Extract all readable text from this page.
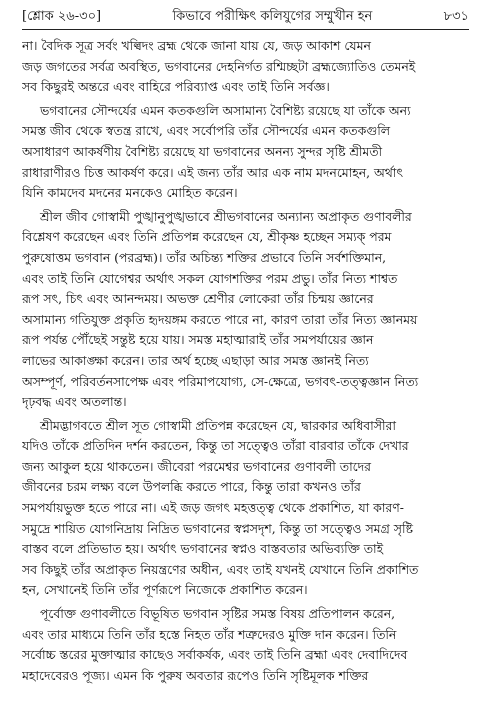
[শ্লোক ২৬-৩০]	কিভাবে পরীক্ষিৎ কলিযুগের সম্মুখীন হন	৮৩১
না। বৈদিক সূত্র সর্বং খল্বিদং ব্রহ্ম থেকে জানা যায় যে, জড় আকাশ যেমন
জড় জগতের সর্বত্র অবস্থিত, ভগবানের দেহনির্গত রশ্মিচ্ছটা ব্রহ্মজ্যোতিও তেমনই
সব কিছুরই অন্তরে এবং বাহিরে পরিব্যাপ্ত এবং তাই তিনি সর্বজ্ঞ।
ভগবানের সৌন্দর্যের এমন কতকগুলি অসামান্য বৈশিষ্ট্য রয়েছে যা তাঁকে অন্য
সমস্ত জীব থেকে স্বতন্ত্র রাখে, এবং সর্বোপরি তাঁর সৌন্দর্যের এমন কতকগুলি
অসাধারণ আকর্ষণীয় বৈশিষ্ট্য রয়েছে যা ভগবানের অনন্য সুন্দর সৃষ্টি শ্রীমতী
রাধারাণীরও চিত্ত আকর্ষণ করে। এই জন্য তাঁর আর এক নাম মদনমোহন, অর্থাৎ
যিনি কামদেব মদনের মনকেও মোহিত করেন।
শ্রীল জীব গোস্বামী পুঙ্খানুপুঙ্খভাবে শ্রীভগবানের অন্যান্য অপ্রাকৃত গুণাবলীর
বিশ্লেষণ করেছেন এবং তিনি প্রতিপন্ন করেছেন যে, শ্রীকৃষ্ণ হচ্ছেন সম্যক্‌ পরম
পুরুষোত্তম ভগবান (পরব্রহ্ম)। তাঁর অচিন্ত্য শক্তির প্রভাবে তিনি সর্বশক্তিমান,
এবং তাই তিনি যোগেশ্বর অর্থাৎ সকল যোগশক্তির পরম প্রভু। তাঁর নিত্য শাশ্বত
রূপ সৎ, চিৎ এবং আনন্দময়। অভক্ত শ্রেণীর লোকেরা তাঁর চিন্ময় জ্ঞানের
অসামান্য গতিযুক্ত প্রকৃতি হৃদয়ঙ্গম করতে পারে না, কারণ তারা তাঁর নিত্য জ্ঞানময়
রূপ পর্যন্ত পৌঁছেই সন্তুষ্ট হয়ে যায়। সমস্ত মহাত্মারাই তাঁর সমপর্যায়ের জ্ঞান
লাভের আকাঙ্ক্ষা করেন। তার অর্থ হচ্ছে এছাড়া আর সমস্ত জ্ঞানই নিত্য
অসম্পূর্ণ, পরিবর্তনসাপেক্ষ এবং পরিমাপযোগ্য, সে-ক্ষেত্রে, ভগবৎ-তত্ত্বজ্ঞান নিত্য
দৃঢ়বদ্ধ এবং অতলান্ত।
শ্রীমদ্ভাগবতে শ্রীল সূত গোস্বামী প্রতিপন্ন করেছেন যে, দ্বারকার অধিবাসীরা
যদিও তাঁকে প্রতিদিন দর্শন করতেন, কিন্তু তা সত্ত্বেও তাঁরা বারবার তাঁকে দেখার
জন্য আকুল হয়ে থাকতেন। জীবেরা পরমেশ্বর ভগবানের গুণাবলী তাদের
জীবনের চরম লক্ষ্য বলে উপলব্ধি করতে পারে, কিন্তু তারা কখনও তাঁর
সমপর্যায়ভুক্ত হতে পারে না। এই জড় জগৎ মহত্তত্ত্ব থেকে প্রকাশিত, যা কারণ-
সমুদ্রে শায়িত যোগনিদ্রায় নিদ্রিত ভগবানের স্বপ্নসদৃশ, কিন্তু তা সত্ত্বেও সমগ্র সৃষ্টি
বাস্তব বলে প্রতিভাত হয়। অর্থাৎ ভগবানের স্বপ্নও বাস্তবতার অভিব্যক্তি তাই
সব কিছুই তাঁর অপ্রাকৃত নিয়ন্ত্রণের অধীন, এবং তাই যখনই যেখানে তিনি প্রকাশিত
হন, সেখানেই তিনি তাঁর পূর্ণরূপে নিজেকে প্রকাশিত করেন।
পূর্বোক্ত গুণাবলীতে বিভূষিত ভগবান সৃষ্টির সমস্ত বিষয় প্রতিপালন করেন,
এবং তার মাধ্যমে তিনি তাঁর হস্তে নিহত তাঁর শত্রুদেরও মুক্তি দান করেন। তিনি
সর্বোচ্চ স্তরের মুক্তাত্মার কাছেও সর্বাকর্ষক, এবং তাই তিনি ব্রহ্মা এবং দেবাদিদেব
মহাদেবেরও পূজ্য। এমন কি পুরুষ অবতার রূপেও তিনি সৃষ্টিমূলক শক্তির
